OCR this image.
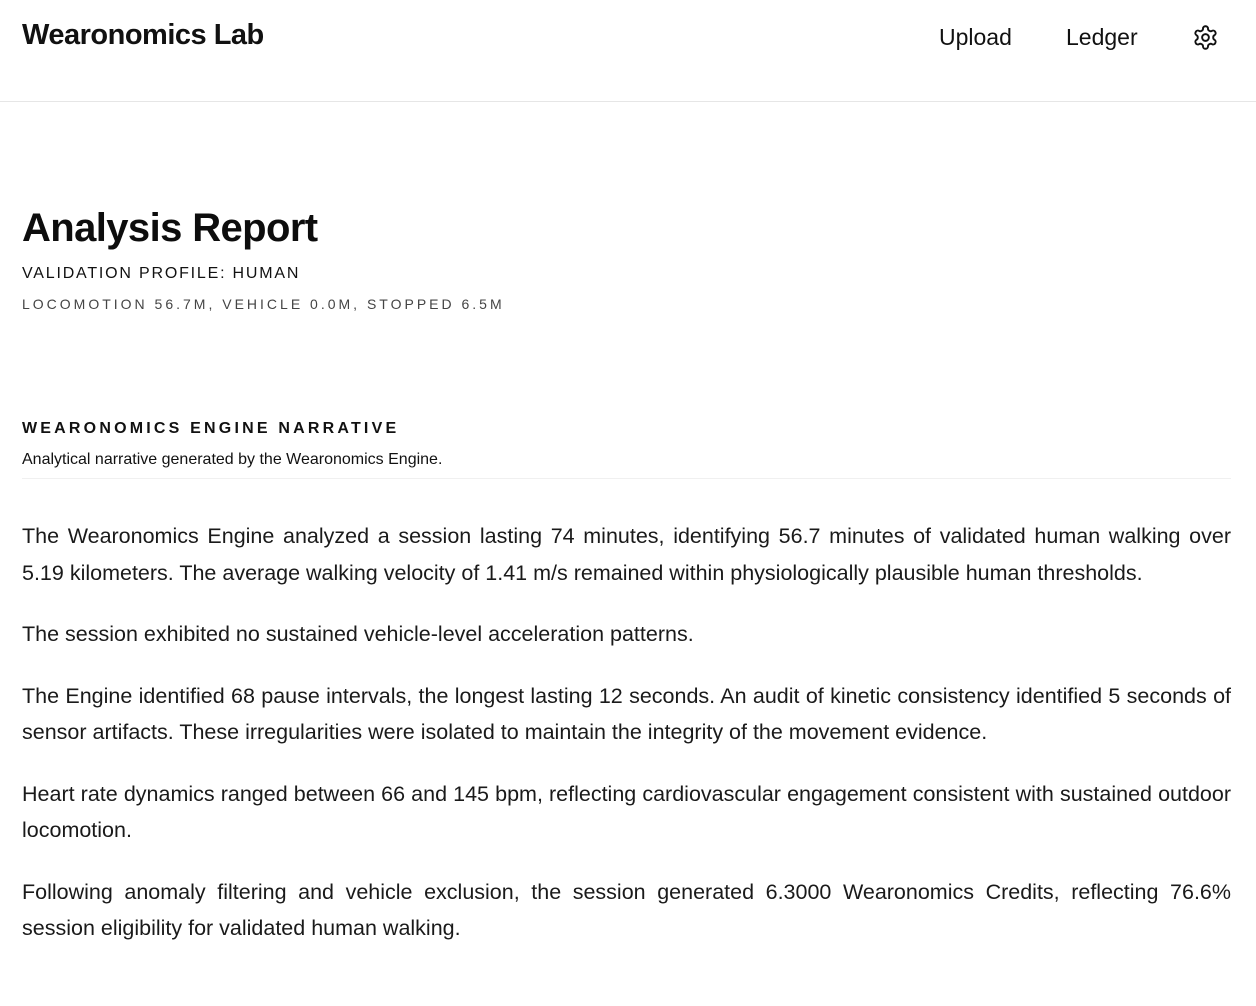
Wearonomics Lab	Upload Ledger
Analysis Report
VALIDATION PROFILE: HUMAN
LOCOMOTION 56.7M, VEHICLE 0.0M, STOPPED 6.5M
WEARONOMICS ENGINE NARRATIVE
Analytical narrative generated by the Wearonomics Engine.

The Wearonomics Engine analyzed a session lasting 74 minutes, identifying 56.7 minutes of validated human walking over 5.19 kilometers. The average walking velocity of 1.41 m/s remained within physiologically plausible human thresholds.

The session exhibited no sustained vehicle-level acceleration patterns.

The Engine identified 68 pause intervals, the longest lasting 12 seconds. An audit of kinetic consistency identified 5 seconds of sensor artifacts. These irregularities were isolated to maintain the integrity of the movement evidence.

Heart rate dynamics ranged between 66 and 145 bpm, reflecting cardiovascular engagement consistent with sustained outdoor locomotion.

Following anomaly filtering and vehicle exclusion, the session generated 6.3000 Wearonomics Credits, reflecting 76.6% session eligibility for validated human walking.
